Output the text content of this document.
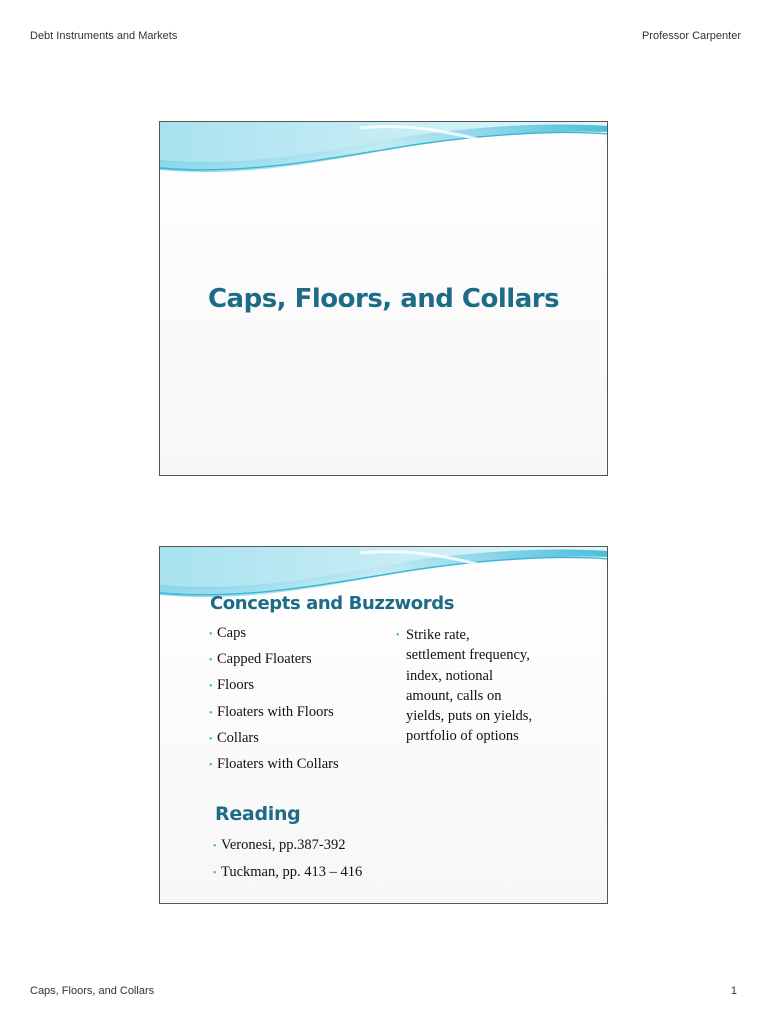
Debt Instruments and Markets	Professor Carpenter
Caps, Floors, and Collars
Concepts and Buzzwords
• Caps
• Capped Floaters
• Floors
• Floaters with Floors
• Collars
• Floaters with Collars
• Strike rate,
settlement frequency,
index, notional
amount, calls on
yields, puts on yields,
portfolio of options
Reading
• Veronesi, pp.387-392
• Tuckman, pp. 413 – 416
Caps, Floors, and Collars	1
